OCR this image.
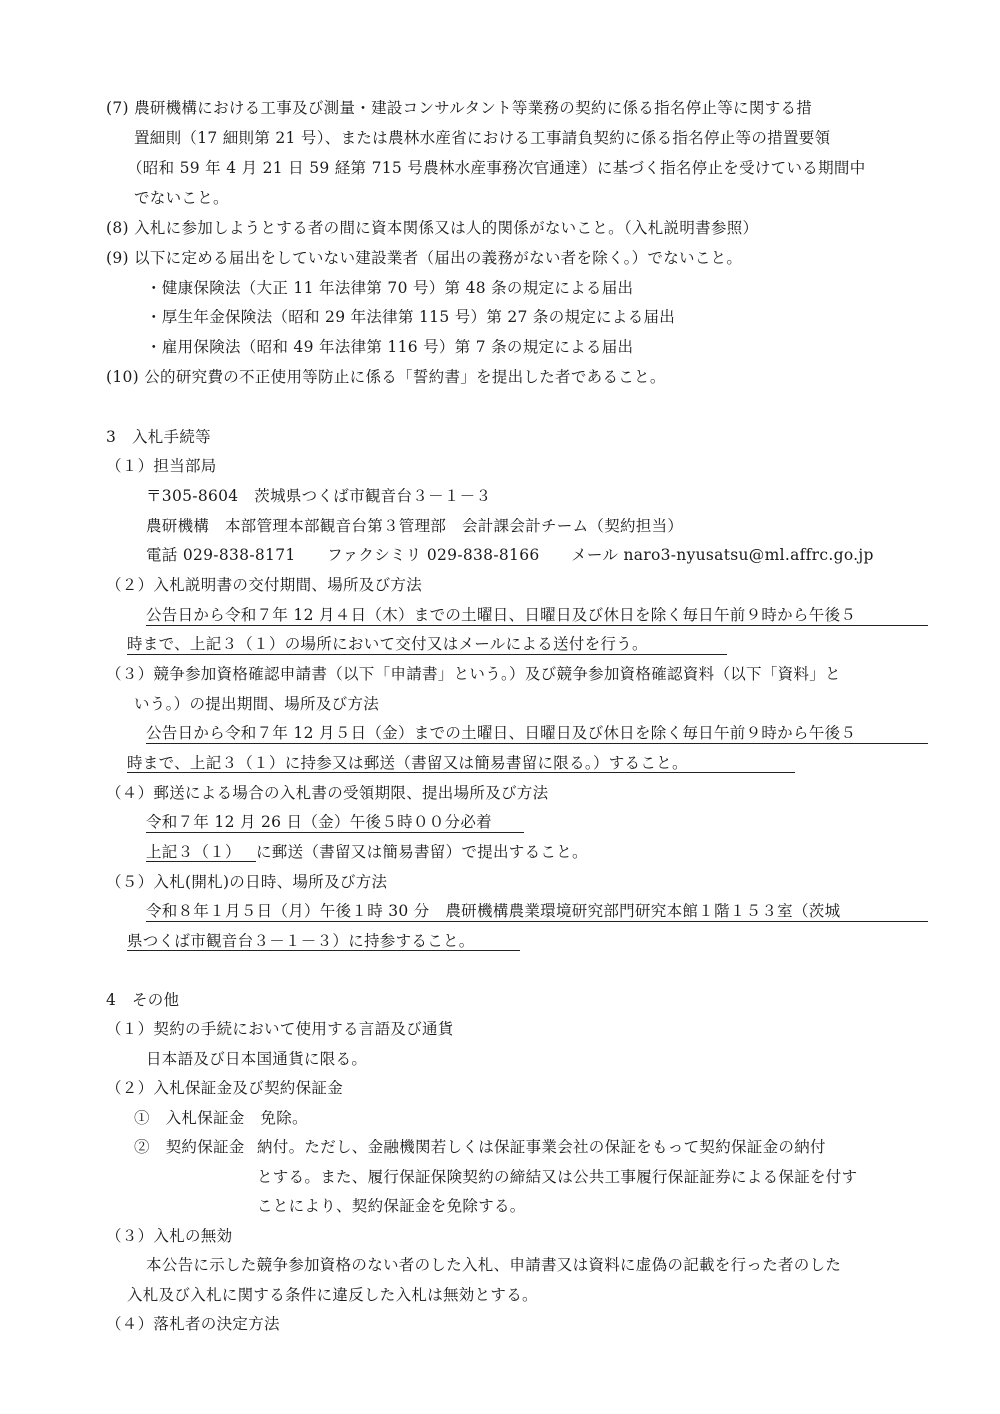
(7) 農研機構における工事及び測量・建設コンサルタント等業務の契約に係る指名停止等に関する措
置細則（17 細則第 21 号）、または農林水産省における工事請負契約に係る指名停止等の措置要領
（昭和 59 年 4 月 21 日 59 経第 715 号農林水産事務次官通達）に基づく指名停止を受けている期間中
でないこと。
(8) 入札に参加しようとする者の間に資本関係又は人的関係がないこと。（入札説明書参照）
(9) 以下に定める届出をしていない建設業者（届出の義務がない者を除く。）でないこと。
・健康保険法（大正 11 年法律第 70 号）第 48 条の規定による届出
・厚生年金保険法（昭和 29 年法律第 115 号）第 27 条の規定による届出
・雇用保険法（昭和 49 年法律第 116 号）第 7 条の規定による届出
(10) 公的研究費の不正使用等防止に係る「誓約書」を提出した者であること。
3　入札手続等
（１）担当部局
〒305-8604　茨城県つくば市観音台３－１－３
農研機構　本部管理本部観音台第３管理部　会計課会計チーム（契約担当）
電話 029-838-8171　　ファクシミリ 029-838-8166　　メール naro3-nyusatsu@ml.affrc.go.jp
（２）入札説明書の交付期間、場所及び方法
公告日から令和７年 12 月４日（木）までの土曜日、日曜日及び休日を除く毎日午前９時から午後５
時まで、上記３（１）の場所において交付又はメールによる送付を行う。
（３）競争参加資格確認申請書（以下「申請書」という。）及び競争参加資格確認資料（以下「資料」と
いう。）の提出期間、場所及び方法
公告日から令和７年 12 月５日（金）までの土曜日、日曜日及び休日を除く毎日午前９時から午後５
時まで、上記３（１）に持参又は郵送（書留又は簡易書留に限る。）すること。
（４）郵送による場合の入札書の受領期限、提出場所及び方法
令和７年 12 月 26 日（金）午後５時００分必着
上記３（１） に郵送（書留又は簡易書留）で提出すること。
（５）入札(開札)の日時、場所及び方法
令和８年１月５日（月）午後１時 30 分　農研機構農業環境研究部門研究本館１階１５３室（茨城
県つくば市観音台３－１－３）に持参すること。
4　その他
（１）契約の手続において使用する言語及び通貨
日本語及び日本国通貨に限る。
（２）入札保証金及び契約保証金
①　入札保証金　免除。
②　契約保証金 納付。ただし、金融機関若しくは保証事業会社の保証をもって契約保証金の納付
とする。また、履行保証保険契約の締結又は公共工事履行保証証券による保証を付す
ことにより、契約保証金を免除する。
（３）入札の無効
本公告に示した競争参加資格のない者のした入札、申請書又は資料に虚偽の記載を行った者のした
入札及び入札に関する条件に違反した入札は無効とする。
（４）落札者の決定方法
